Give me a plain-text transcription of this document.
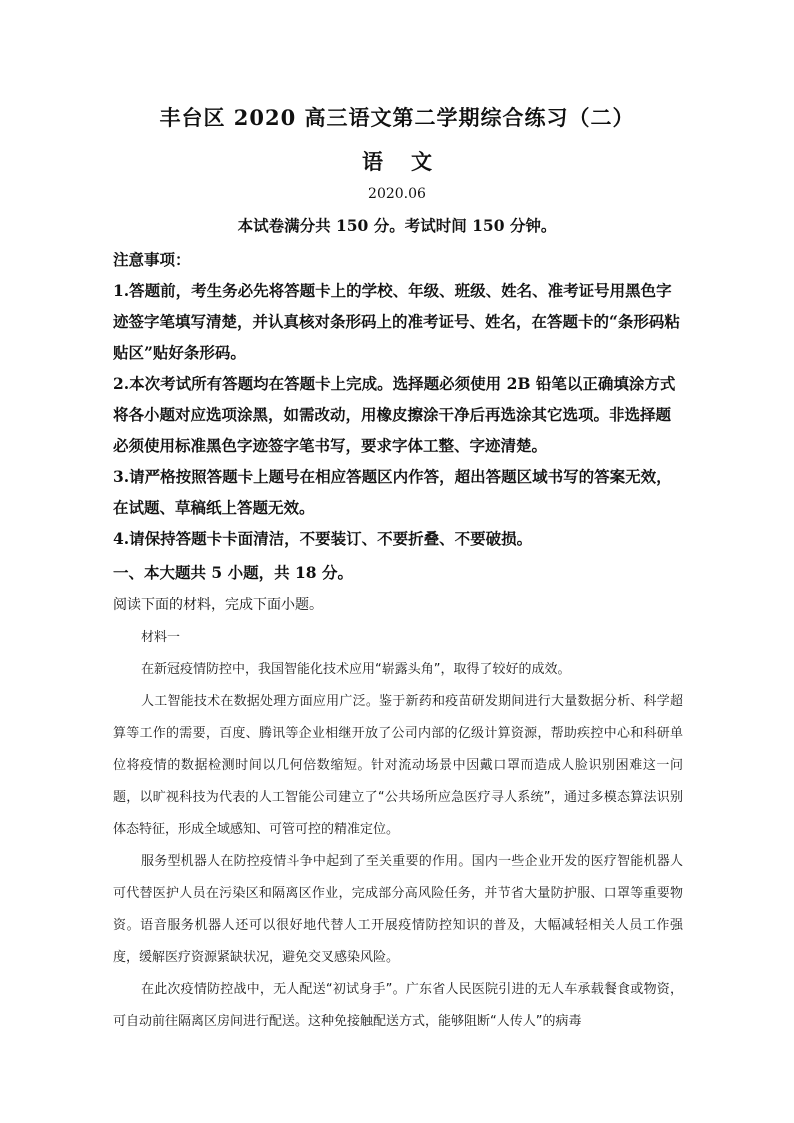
丰台区 2020 高三语文第二学期综合练习（二）
语文
2020.06
本试卷满分共 150 分。考试时间 150 分钟。

注意事项：

1.答题前，考生务必先将答题卡上的学校、年级、班级、姓名、准考证号用黑色字迹签字笔填写清楚，并认真核对条形码上的准考证号、姓名，在答题卡的“条形码粘贴区”贴好条形码。

2.本次考试所有答题均在答题卡上完成。选择题必须使用 2B 铅笔以正确填涂方式将各小题对应选项涂黑，如需改动，用橡皮擦涂干净后再选涂其它选项。非选择题必须使用标准黑色字迹签字笔书写，要求字体工整、字迹清楚。

3.请严格按照答题卡上题号在相应答题区内作答，超出答题区域书写的答案无效，在试题、草稿纸上答题无效。

4.请保持答题卡卡面清洁，不要装订、不要折叠、不要破损。

一、本大题共 5 小题，共 18 分。
阅读下面的材料，完成下面小题。

材料一

在新冠疫情防控中，我国智能化技术应用“崭露头角”，取得了较好的成效。

人工智能技术在数据处理方面应用广泛。鉴于新药和疫苗研发期间进行大量数据分析、科学超算等工作的需要，百度、腾讯等企业相继开放了公司内部的亿级计算资源，帮助疾控中心和科研单位将疫情的数据检测时间以几何倍数缩短。针对流动场景中因戴口罩而造成人脸识别困难这一问题，以旷视科技为代表的人工智能公司建立了“公共场所应急医疗寻人系统”，通过多模态算法识别体态特征，形成全域感知、可管可控的精准定位。

服务型机器人在防控疫情斗争中起到了至关重要的作用。国内一些企业开发的医疗智能机器人可代替医护人员在污染区和隔离区作业，完成部分高风险任务，并节省大量防护服、口罩等重要物资。语音服务机器人还可以很好地代替人工开展疫情防控知识的普及，大幅减轻相关人员工作强度，缓解医疗资源紧缺状况，避免交叉感染风险。

在此次疫情防控战中，无人配送“初试身手”。广东省人民医院引进的无人车承载餐食或物资，可自动前往隔离区房间进行配送。这种免接触配送方式，能够阻断“人传人”的病毒
